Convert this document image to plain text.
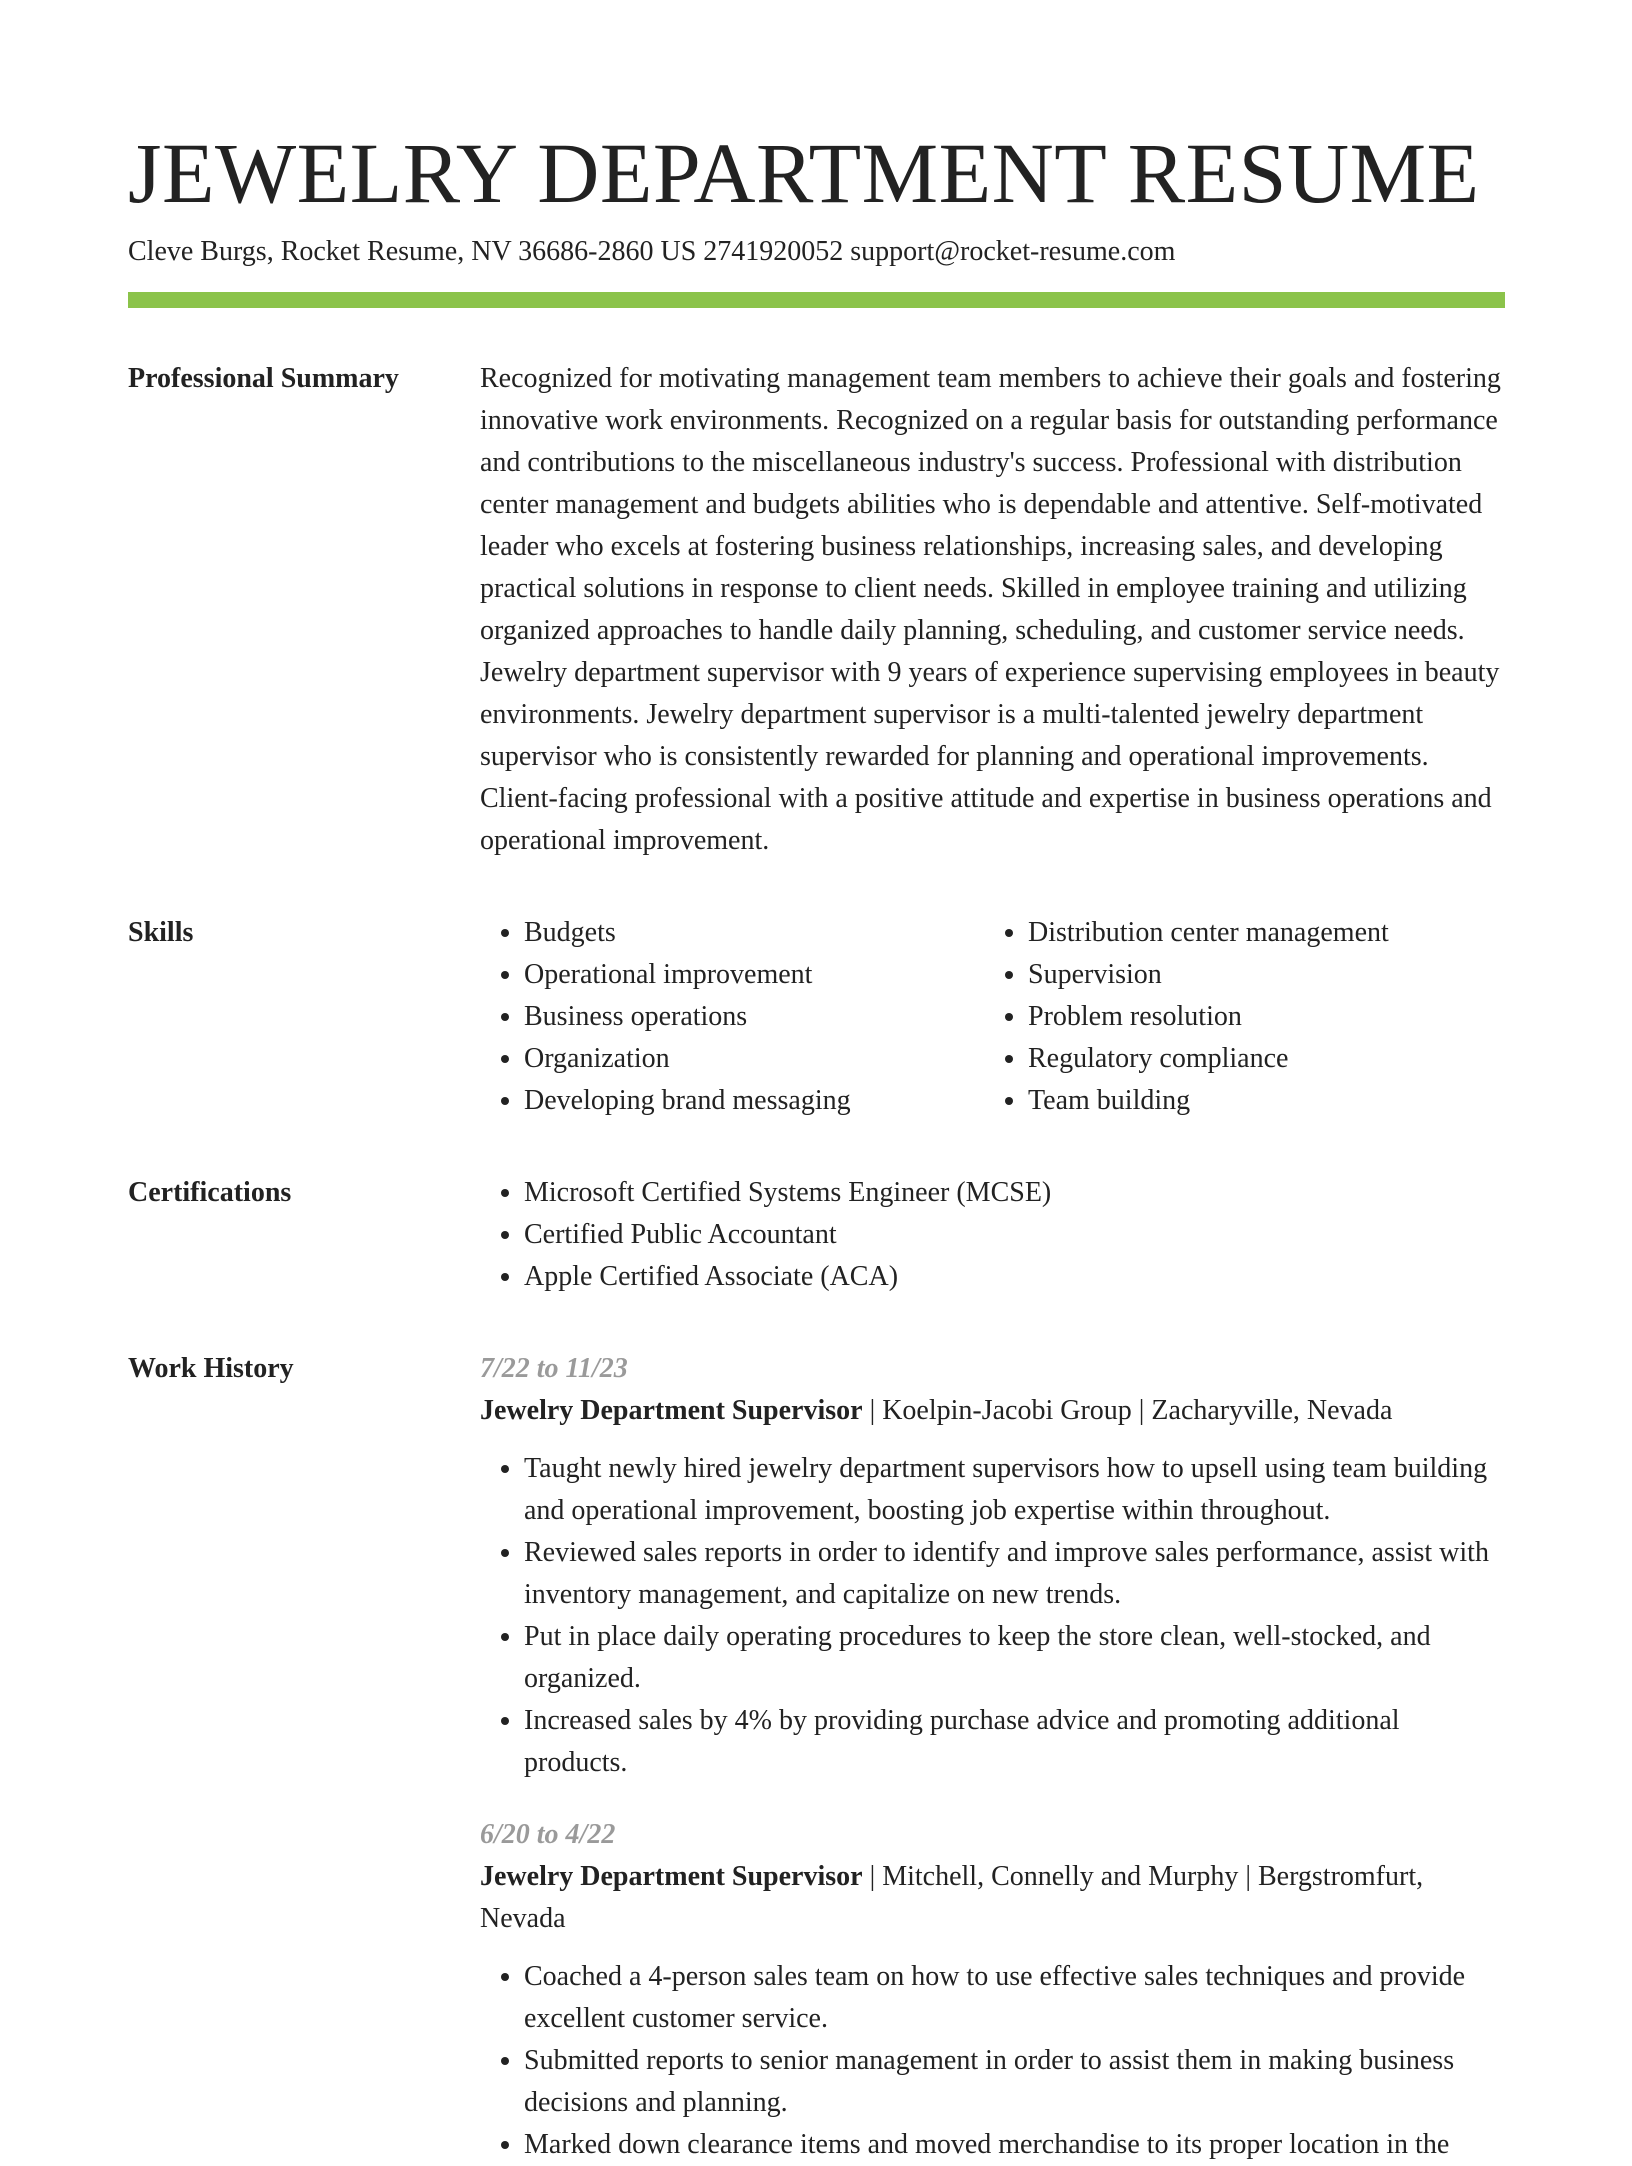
JEWELRY DEPARTMENT RESUME
Cleve Burgs, Rocket Resume, NV 36686-2860 US 2741920052 support@rocket-resume.com
Professional Summary	Recognized for motivating management team members to achieve their goals and fostering innovative work environments. Recognized on a regular basis for outstanding performance and contributions to the miscellaneous industry's success. Professional with distribution center management and budgets abilities who is dependable and attentive. Self-motivated leader who excels at fostering business relationships, increasing sales, and developing practical solutions in response to client needs. Skilled in employee training and utilizing organized approaches to handle daily planning, scheduling, and customer service needs. Jewelry department supervisor with 9 years of experience supervising employees in beauty environments. Jewelry department supervisor is a multi-talented jewelry department supervisor who is consistently rewarded for planning and operational improvements. Client-facing professional with a positive attitude and expertise in business operations and operational improvement.
Skills	• Budgets
• Operational improvement
• Business operations
• Organization
• Developing brand messaging
• Distribution center management
• Supervision
• Problem resolution
• Regulatory compliance
• Team building
Certifications	• Microsoft Certified Systems Engineer (MCSE)
• Certified Public Accountant
• Apple Certified Associate (ACA)
Work History	7/22 to 11/23
Jewelry Department Supervisor | Koelpin-Jacobi Group | Zacharyville, Nevada
• Taught newly hired jewelry department supervisors how to upsell using team building and operational improvement, boosting job expertise within throughout.
• Reviewed sales reports in order to identify and improve sales performance, assist with inventory management, and capitalize on new trends.
• Put in place daily operating procedures to keep the store clean, well-stocked, and organized.
• Increased sales by 4% by providing purchase advice and promoting additional products.
6/20 to 4/22
Jewelry Department Supervisor | Mitchell, Connelly and Murphy | Bergstromfurt, Nevada
• Coached a 4-person sales team on how to use effective sales techniques and provide excellent customer service.
• Submitted reports to senior management in order to assist them in making business decisions and planning.
• Marked down clearance items and moved merchandise to its proper location in the
